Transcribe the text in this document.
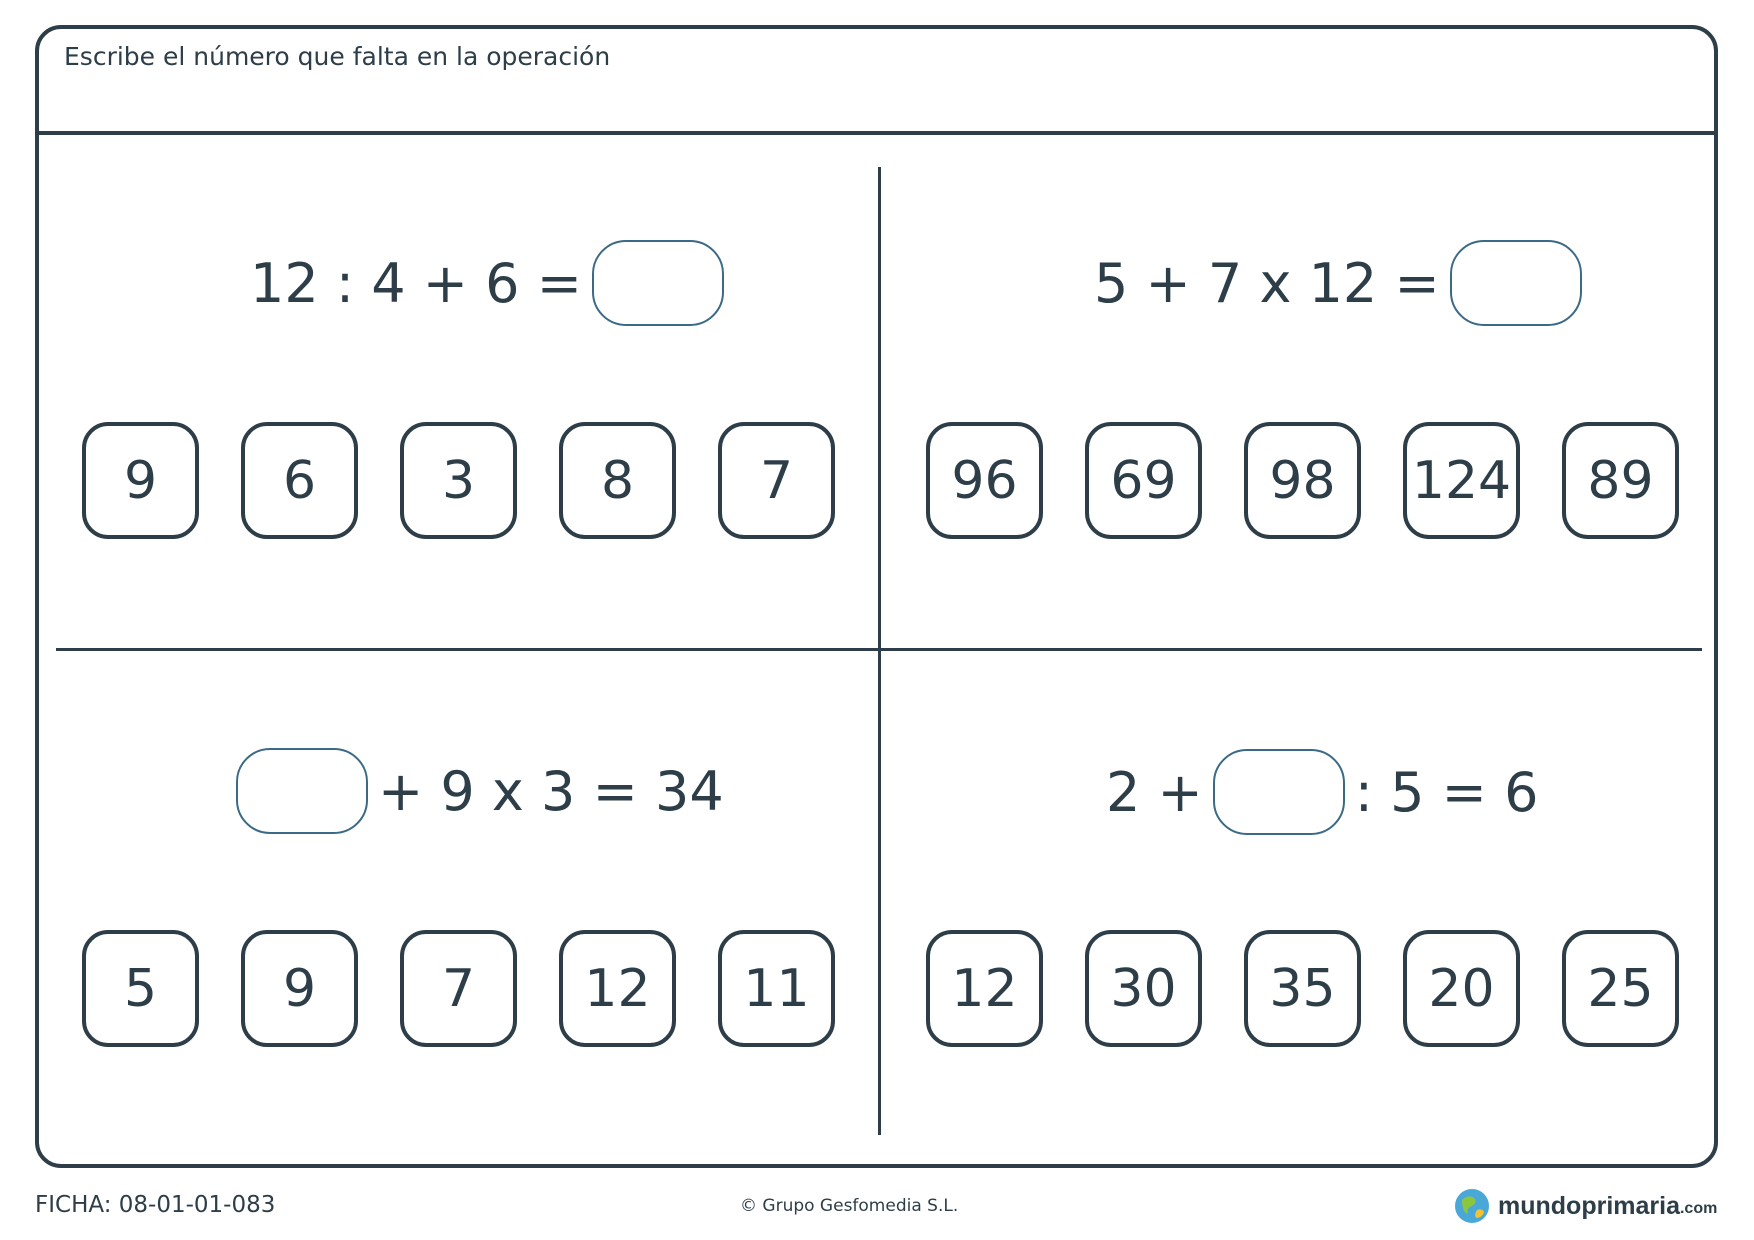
Escribe el número que falta en la operación
12 : 4 + 6 =
9	6	3	8	7
5 + 7 x 12 =
96	69	98	124	89
+ 9 x 3 = 34
5	9	7	12	11
2 +	: 5 = 6
12	30	35	20	25
FICHA: 08-01-01-083	© Grupo Gesfomedia S.L.	mundoprimaria .com
